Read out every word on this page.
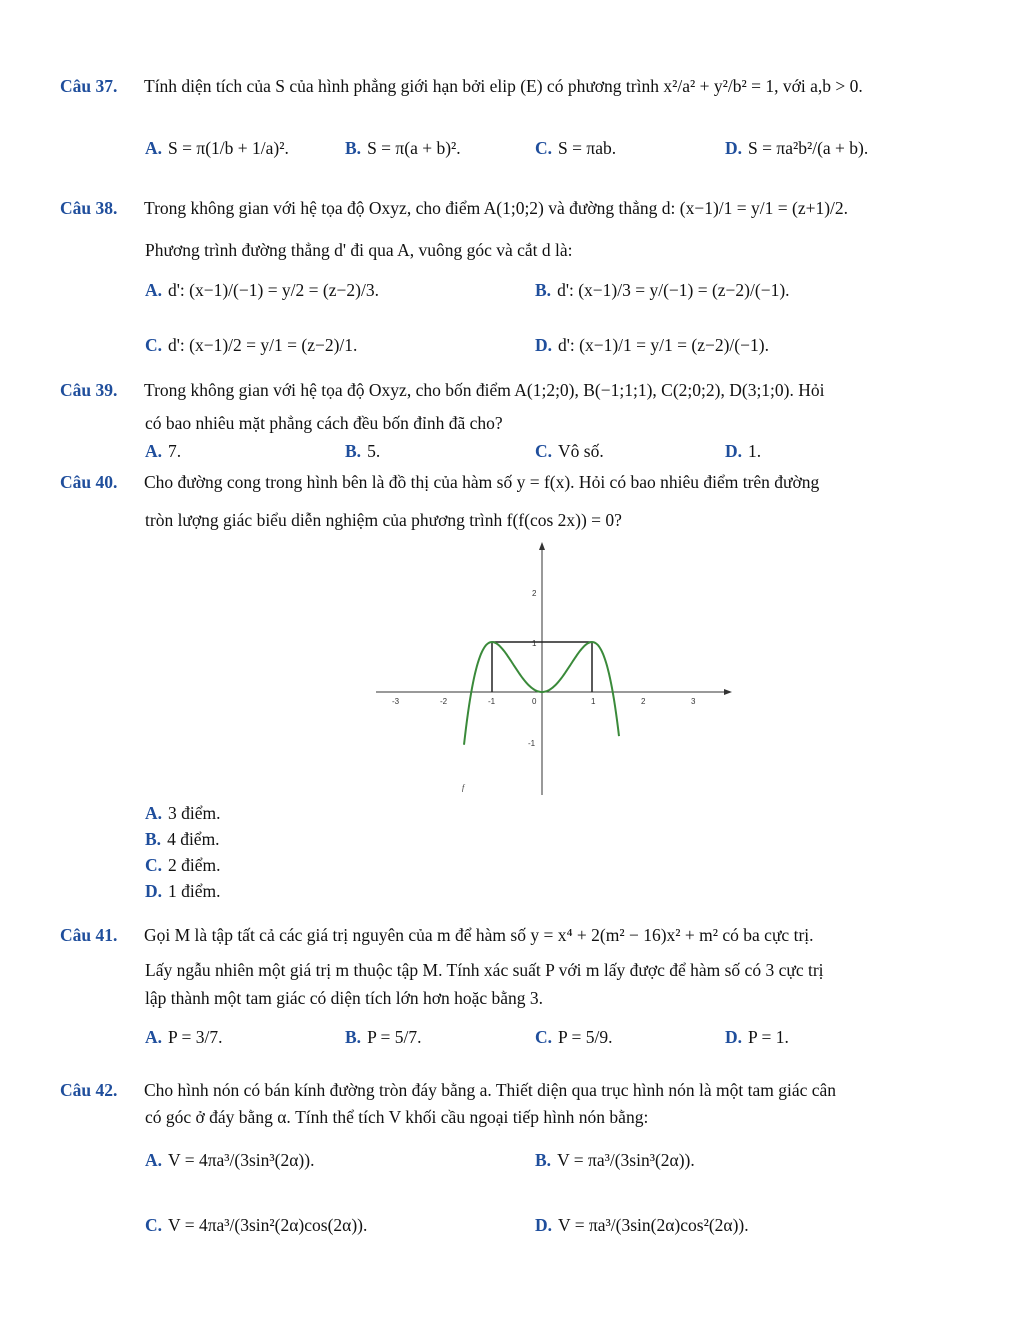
Câu 37. Tính diện tích của S của hình phẳng giới hạn bởi elip (E) có phương trình x²/a² + y²/b² = 1, với a,b > 0.
A. S = π(1/b + 1/a)².	B. S = π(a + b)².	C. S = πab.	D. S = πa²b²/(a + b).
Câu 38. Trong không gian với hệ tọa độ Oxyz, cho điểm A(1;0;2) và đường thẳng d: (x−1)/1 = y/1 = (z+1)/2.
Phương trình đường thẳng d' đi qua A, vuông góc và cắt d là:
A. d': (x−1)/(−1) = y/2 = (z−2)/3.	B. d': (x−1)/3 = y/(−1) = (z−2)/(−1).
C. d': (x−1)/2 = y/1 = (z−2)/1.	D. d': (x−1)/1 = y/1 = (z−2)/(−1).
Câu 39. Trong không gian với hệ tọa độ Oxyz, cho bốn điểm A(1;2;0), B(−1;1;1), C(2;0;2), D(3;1;0). Hỏi
có bao nhiêu mặt phẳng cách đều bốn đỉnh đã cho?
A. 7.	B. 5.	C. Vô số.	D. 1.
Câu 40. Cho đường cong trong hình bên là đồ thị của hàm số y = f(x). Hỏi có bao nhiêu điểm trên đường
tròn lượng giác biểu diễn nghiệm của phương trình f(f(cos 2x)) = 0?
-3	-2	-1	0	1	2	3
2
1
-1
f
A. 3 điểm.
B. 4 điểm.
C. 2 điểm.
D. 1 điểm.
Câu 41. Gọi M là tập tất cả các giá trị nguyên của m để hàm số y = x⁴ + 2(m² − 16)x² + m² có ba cực trị.
Lấy ngẫu nhiên một giá trị m thuộc tập M. Tính xác suất P với m lấy được để hàm số có 3 cực trị
lập thành một tam giác có diện tích lớn hơn hoặc bằng 3.
A. P = 3/7.	B. P = 5/7.	C. P = 5/9.	D. P = 1.
Câu 42. Cho hình nón có bán kính đường tròn đáy bằng a. Thiết diện qua trục hình nón là một tam giác cân
có góc ở đáy bằng α. Tính thể tích V khối cầu ngoại tiếp hình nón bằng:
A. V = 4πa³/(3sin³(2α)).	B. V = πa³/(3sin³(2α)).
C. V = 4πa³/(3sin²(2α)cos(2α)).	D. V = πa³/(3sin(2α)cos²(2α)).
